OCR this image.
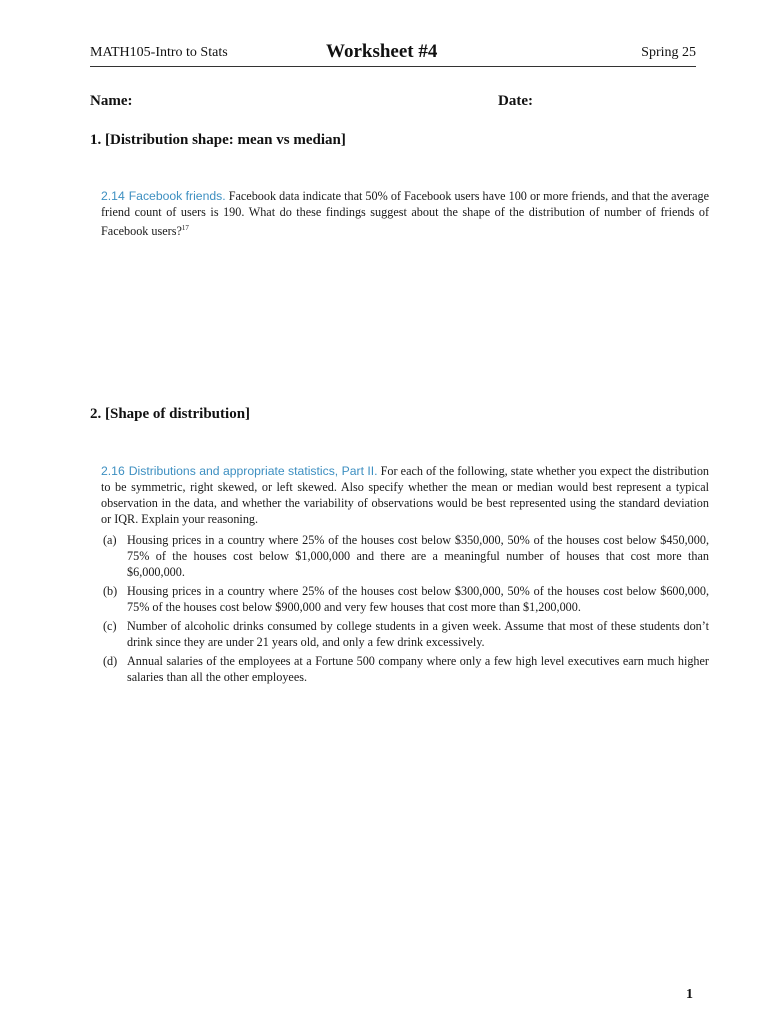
MATH105-Intro to Stats	Worksheet #4	Spring 25
Name:	Date:
1. [Distribution shape: mean vs median]
2.14 Facebook friends. Facebook data indicate that 50% of Facebook users have 100 or more friends, and that the average friend count of users is 190. What do these findings suggest about the shape of the distribution of number of friends of Facebook users?$^{17}$
2. [Shape of distribution]
2.16 Distributions and appropriate statistics, Part II. For each of the following, state whether you expect the distribution to be symmetric, right skewed, or left skewed. Also specify whether the mean or median would best represent a typical observation in the data, and whether the variability of observations would be best represented using the standard deviation or IQR. Explain your reasoning.
(a) Housing prices in a country where 25% of the houses cost below $350,000, 50% of the houses cost below $450,000, 75% of the houses cost below $1,000,000 and there are a meaningful number of houses that cost more than $6,000,000.
(b) Housing prices in a country where 25% of the houses cost below $300,000, 50% of the houses cost below $600,000, 75% of the houses cost below $900,000 and very few houses that cost more than $1,200,000.
(c) Number of alcoholic drinks consumed by college students in a given week. Assume that most of these students don’t drink since they are under 21 years old, and only a few drink excessively.
(d) Annual salaries of the employees at a Fortune 500 company where only a few high level executives earn much higher salaries than all the other employees.
1
